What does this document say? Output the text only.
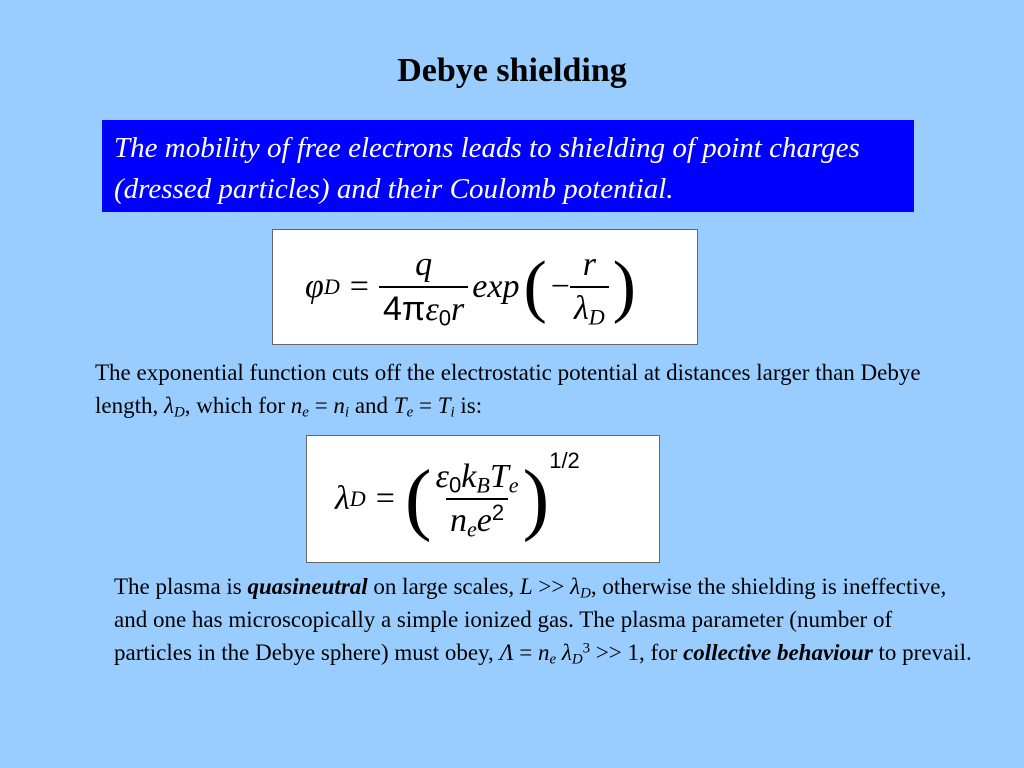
Debye shielding
The mobility of free electrons leads to shielding of point charges (dressed particles) and their Coulomb potential.
φ $D = \frac{q}{4\pi\varepsilon_0r}$ exp ( − $\frac{r}{\lambda_D}$ )
The exponential function cuts off the electrostatic potential at distances larger than Debye length, $\lambda_D$, which for $n_e = n_i$ and $T_e = T_i$ is:
λ D = ( $\frac{\varepsilon_0k_BT_e}{n_ee^2}$ ) 1/2
The plasma is quasineutral on large scales, $L >> \lambda_D$, otherwise the shielding is ineffective, and one has microscopically a simple ionized gas. The plasma parameter (number of particles in the Debye sphere) must obey, $\Lambda = n_e$ $\lambda_D^3 >> 1$, for collective behaviour to prevail.
